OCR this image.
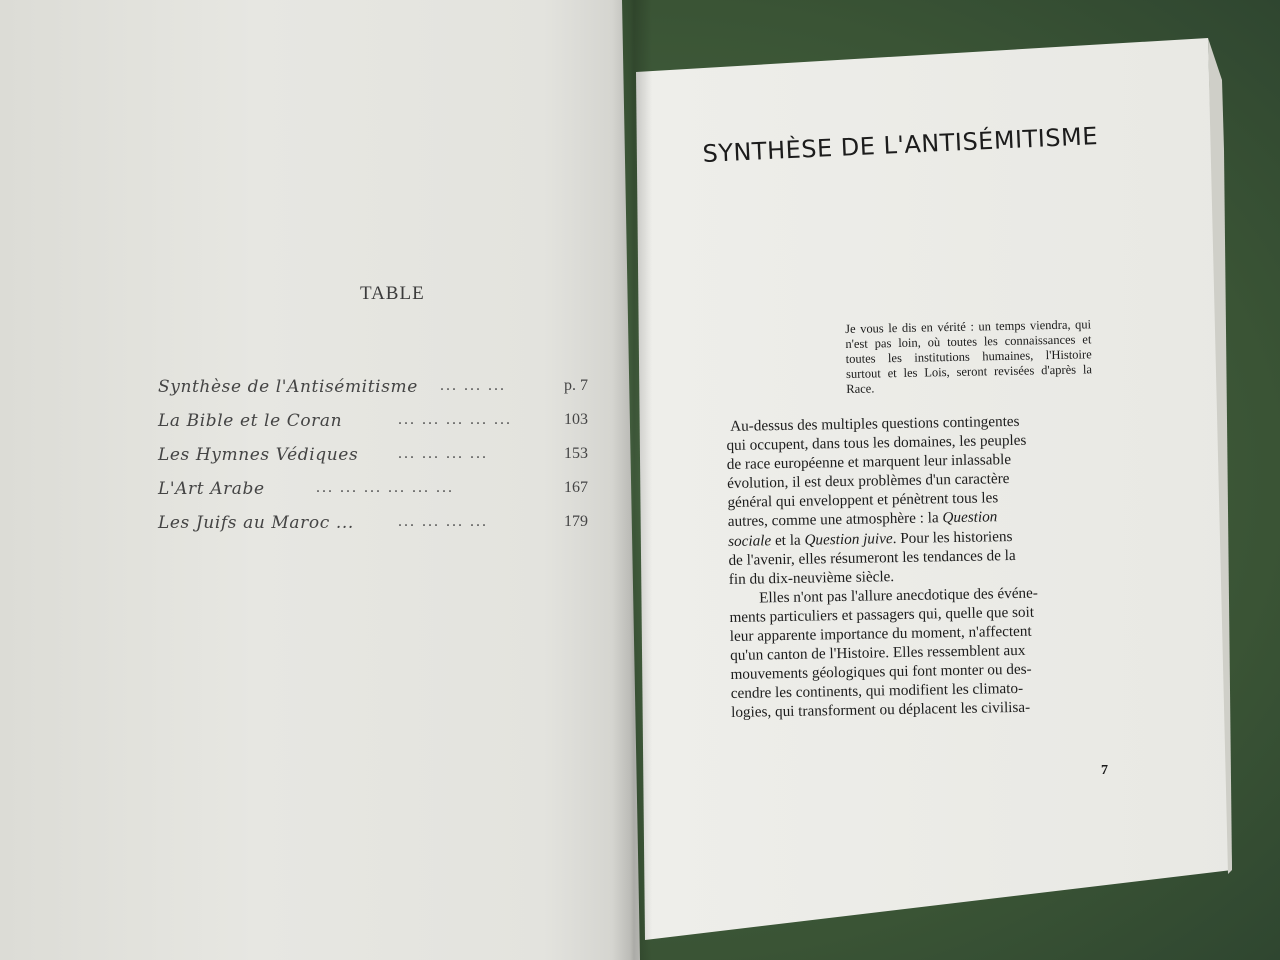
TABLE
Synthèse de l'Antisémitisme ... ... ...	p. 7
La Bible et le Coran	... ... ... ... ...	103
Les Hymnes Védiques ... ... ... ...	153
L'Art Arabe	... ... ... ... ... ...	167
Les Juifs au Maroc ...	... ... ... ...	179
SYNTHÈSE DE L'ANTISÉMITISME
Je vous le dis en vérité : un temps viendra, qui n'est pas loin, où toutes les connaissances et toutes les institutions humaines, l'Histoire surtout et les Lois, seront revisées d'après la Race.
Au-dessus des multiples questions contingentes
qui occupent, dans tous les domaines, les peuples
de race européenne et marquent leur inlassable
évolution, il est deux problèmes d'un caractère
général qui enveloppent et pénètrent tous les
autres, comme une atmosphère : la Question
sociale et la Question juive. Pour les historiens
de l'avenir, elles résumeront les tendances de la
fin du dix-neuvième siècle.
Elles n'ont pas l'allure anecdotique des événe-
ments particuliers et passagers qui, quelle que soit
leur apparente importance du moment, n'affectent
qu'un canton de l'Histoire. Elles ressemblent aux
mouvements géologiques qui font monter ou des-
cendre les continents, qui modifient les climato-
logies, qui transforment ou déplacent les civilisa-
7
